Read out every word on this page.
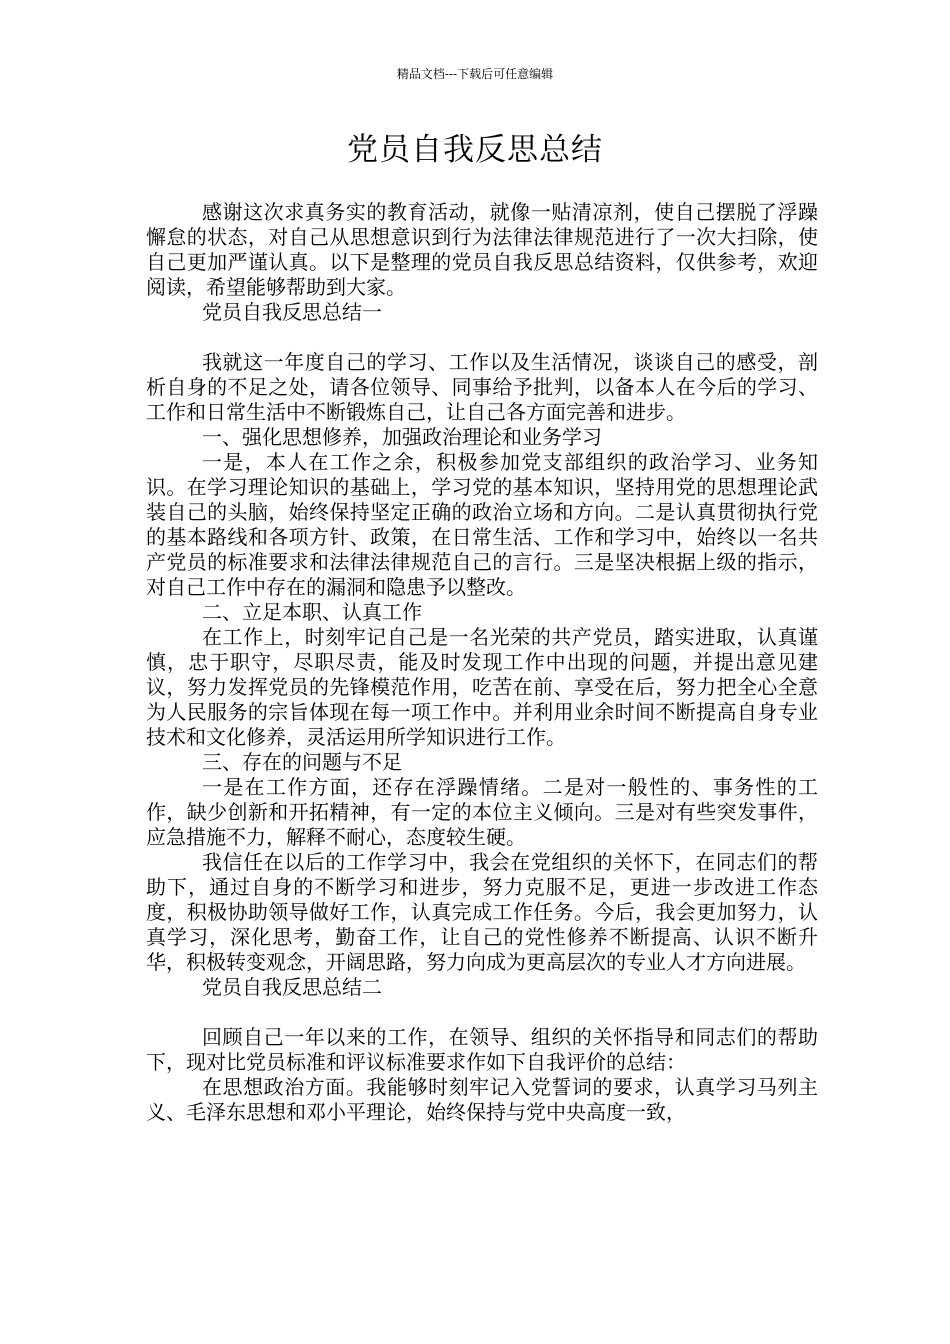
精品文档---下载后可任意编辑
党员自我反思总结

感谢这次求真务实的教育活动，就像一贴清凉剂，使自己摆脱了浮躁懈怠的状态，对自己从思想意识到行为法律法律规范进行了一次大扫除，使自己更加严谨认真。以下是整理的党员自我反思总结资料，仅供参考，欢迎阅读，希望能够帮助到大家。

党员自我反思总结一

我就这一年度自己的学习、工作以及生活情况，谈谈自己的感受，剖析自身的不足之处，请各位领导、同事给予批判，以备本人在今后的学习、工作和日常生活中不断锻炼自己，让自己各方面完善和进步。

一、强化思想修养，加强政治理论和业务学习

一是，本人在工作之余，积极参加党支部组织的政治学习、业务知识。在学习理论知识的基础上，学习党的基本知识，坚持用党的思想理论武装自己的头脑，始终保持坚定正确的政治立场和方向。二是认真贯彻执行党的基本路线和各项方针、政策，在日常生活、工作和学习中，始终以一名共产党员的标准要求和法律法律规范自己的言行。三是坚决根据上级的指示，对自己工作中存在的漏洞和隐患予以整改。

二、立足本职、认真工作

在工作上，时刻牢记自己是一名光荣的共产党员，踏实进取，认真谨慎，忠于职守，尽职尽责，能及时发现工作中出现的问题，并提出意见建议，努力发挥党员的先锋模范作用，吃苦在前、享受在后，努力把全心全意为人民服务的宗旨体现在每一项工作中。并利用业余时间不断提高自身专业技术和文化修养，灵活运用所学知识进行工作。

三、存在的问题与不足

一是在工作方面，还存在浮躁情绪。二是对一般性的、事务性的工作，缺少创新和开拓精神，有一定的本位主义倾向。三是对有些突发事件，应急措施不力，解释不耐心，态度较生硬。

我信任在以后的工作学习中，我会在党组织的关怀下，在同志们的帮助下，通过自身的不断学习和进步，努力克服不足，更进一步改进工作态度，积极协助领导做好工作，认真完成工作任务。今后，我会更加努力，认真学习，深化思考，勤奋工作，让自己的党性修养不断提高、认识不断升华，积极转变观念，开阔思路，努力向成为更高层次的专业人才方向进展。

党员自我反思总结二

回顾自己一年以来的工作，在领导、组织的关怀指导和同志们的帮助下，现对比党员标准和评议标准要求作如下自我评价的总结：

在思想政治方面。我能够时刻牢记入党誓词的要求，认真学习马列主义、毛泽东思想和邓小平理论，始终保持与党中央高度一致，
